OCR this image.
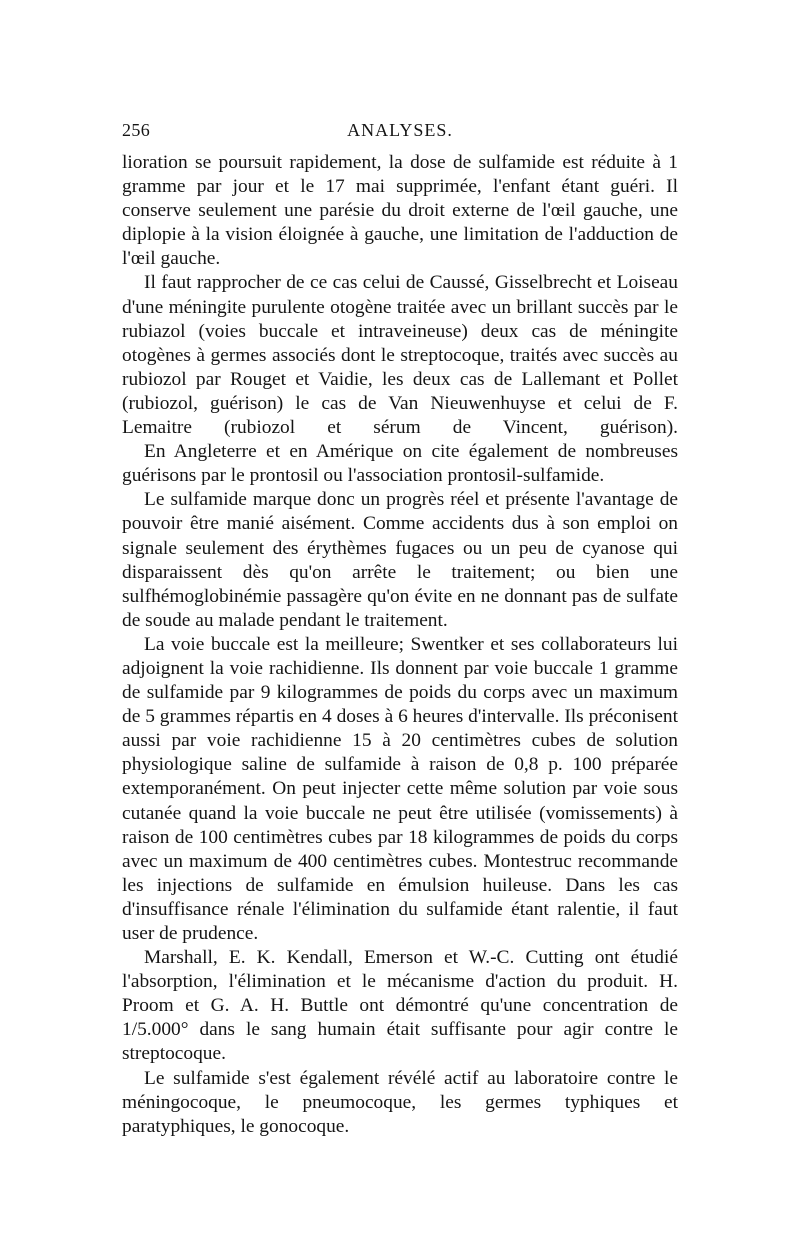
256	ANALYSES.

lioration se poursuit rapidement, la dose de sulfamide est réduite à 1 gramme par jour et le 17 mai supprimée, l'enfant étant guéri. Il conserve seulement une parésie du droit externe de l'œil gauche, une diplopie à la vision éloignée à gauche, une limitation de l'adduction de l'œil gauche.

Il faut rapprocher de ce cas celui de Caussé, Gisselbrecht et Loiseau d'une méningite purulente otogène traitée avec un brillant succès par le rubiazol (voies buccale et intraveineuse) deux cas de méningite otogènes à germes associés dont le streptocoque, traités avec succès au rubiozol par Rouget et Vaidie, les deux cas de Lallemant et Pollet (rubiozol, guérison) le cas de Van Nieuwenhuyse et celui de F. Lemaitre (rubiozol et sérum de Vincent, guérison).

En Angleterre et en Amérique on cite également de nombreuses guérisons par le prontosil ou l'association prontosil-sulfamide.

Le sulfamide marque donc un progrès réel et présente l'avantage de pouvoir être manié aisément. Comme accidents dus à son emploi on signale seulement des érythèmes fugaces ou un peu de cyanose qui disparaissent dès qu'on arrête le traitement; ou bien une sulfhémoglobinémie passagère qu'on évite en ne donnant pas de sulfate de soude au malade pendant le traitement.

La voie buccale est la meilleure; Swentker et ses collaborateurs lui adjoignent la voie rachidienne. Ils donnent par voie buccale 1 gramme de sulfamide par 9 kilogrammes de poids du corps avec un maximum de 5 grammes répartis en 4 doses à 6 heures d'intervalle. Ils préconisent aussi par voie rachidienne 15 à 20 centimètres cubes de solution physiologique saline de sulfamide à raison de 0,8 p. 100 préparée extemporanément. On peut injecter cette même solution par voie sous cutanée quand la voie buccale ne peut être utilisée (vomissements) à raison de 100 centimètres cubes par 18 kilogrammes de poids du corps avec un maximum de 400 centimètres cubes. Montestruc recommande les injections de sulfamide en émulsion huileuse. Dans les cas d'insuffisance rénale l'élimination du sulfamide étant ralentie, il faut user de prudence.

Marshall, E. K. Kendall, Emerson et W.-C. Cutting ont étudié l'absorption, l'élimination et le mécanisme d'action du produit. H. Proom et G. A. H. Buttle ont démontré qu'une concentration de 1/5.000° dans le sang humain était suffisante pour agir contre le streptocoque.

Le sulfamide s'est également révélé actif au laboratoire contre le méningocoque, le pneumocoque, les germes typhiques et paratyphiques, le gonocoque.
